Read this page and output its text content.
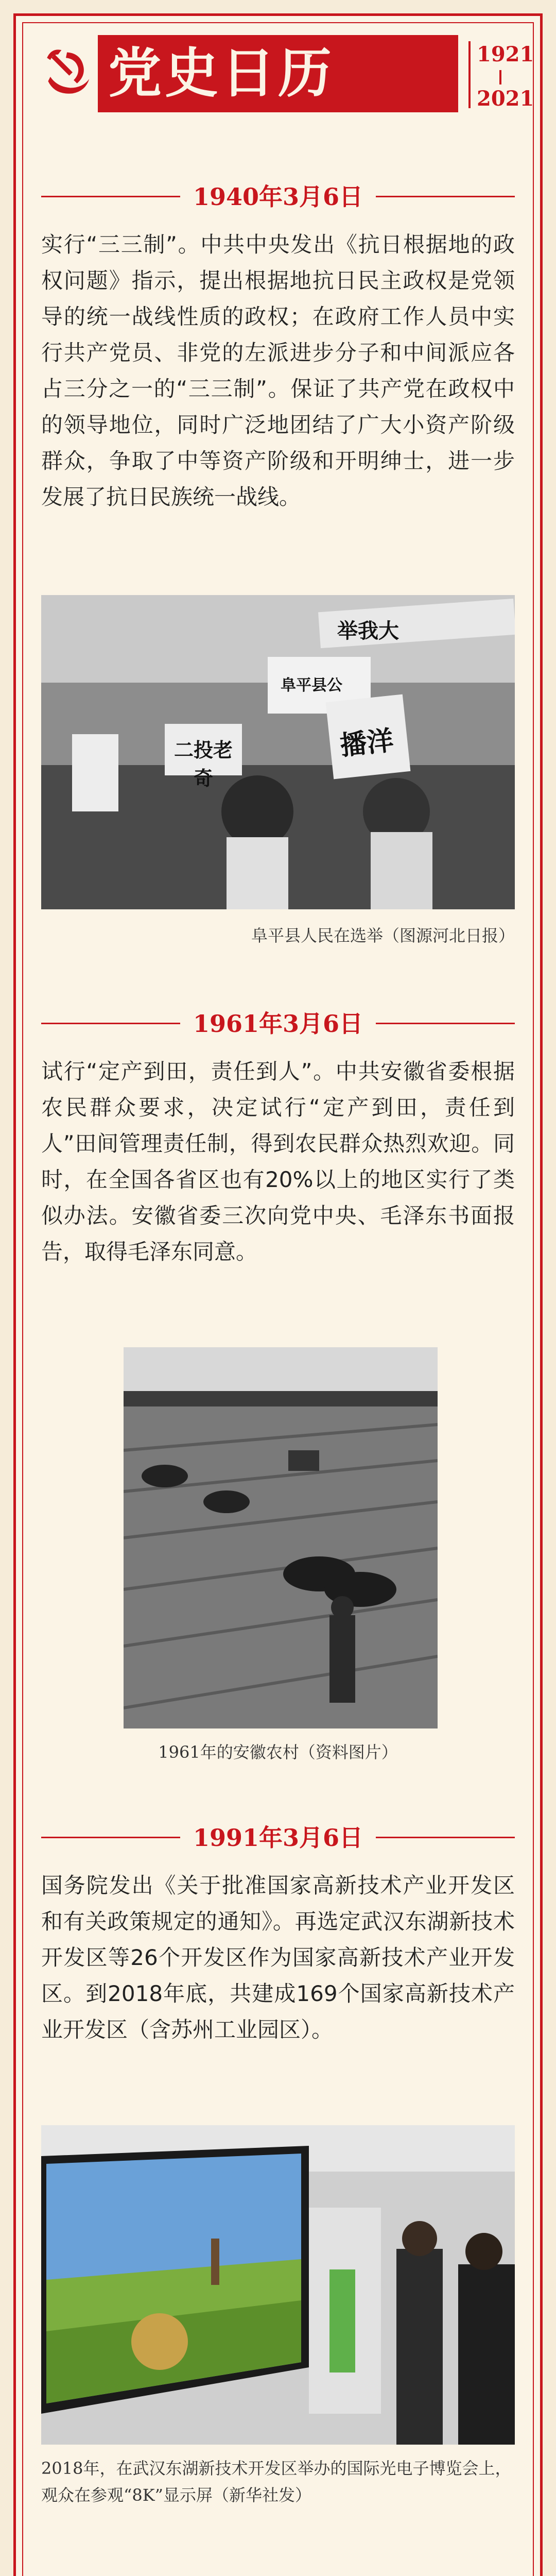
党史日历	1921
2021
1940年3月6日
实行“三三制”。中共中央发出《抗日根据地的政权问题》指示，提出根据地抗日民主政权是党领导的统一战线性质的政权；在政府工作人员中实行共产党员、非党的左派进步分子和中间派应各占三分之一的“三三制”。保证了共产党在政权中的领导地位，同时广泛地团结了广大小资产阶级群众，争取了中等资产阶级和开明绅士，进一步发展了抗日民族统一战线。
举我大
阜平县公
播洋
二投老奇
阜平县人民在选举（图源河北日报）
1961年3月6日
试行“定产到田，责任到人”。中共安徽省委根据农民群众要求，决定试行“定产到田，责任到人”田间管理责任制，得到农民群众热烈欢迎。同时，在全国各省区也有20%以上的地区实行了类似办法。安徽省委三次向党中央、毛泽东书面报告，取得毛泽东同意。
1961年的安徽农村（资料图片）
1991年3月6日
国务院发出《关于批准国家高新技术产业开发区和有关政策规定的通知》。再选定武汉东湖新技术开发区等26个开发区作为国家高新技术产业开发区。到2018年底，共建成169个国家高新技术产业开发区（含苏州工业园区）。
2018年，在武汉东湖新技术开发区举办的国际光电子博览会上，观众在参观“8K”显示屏（新华社发）
